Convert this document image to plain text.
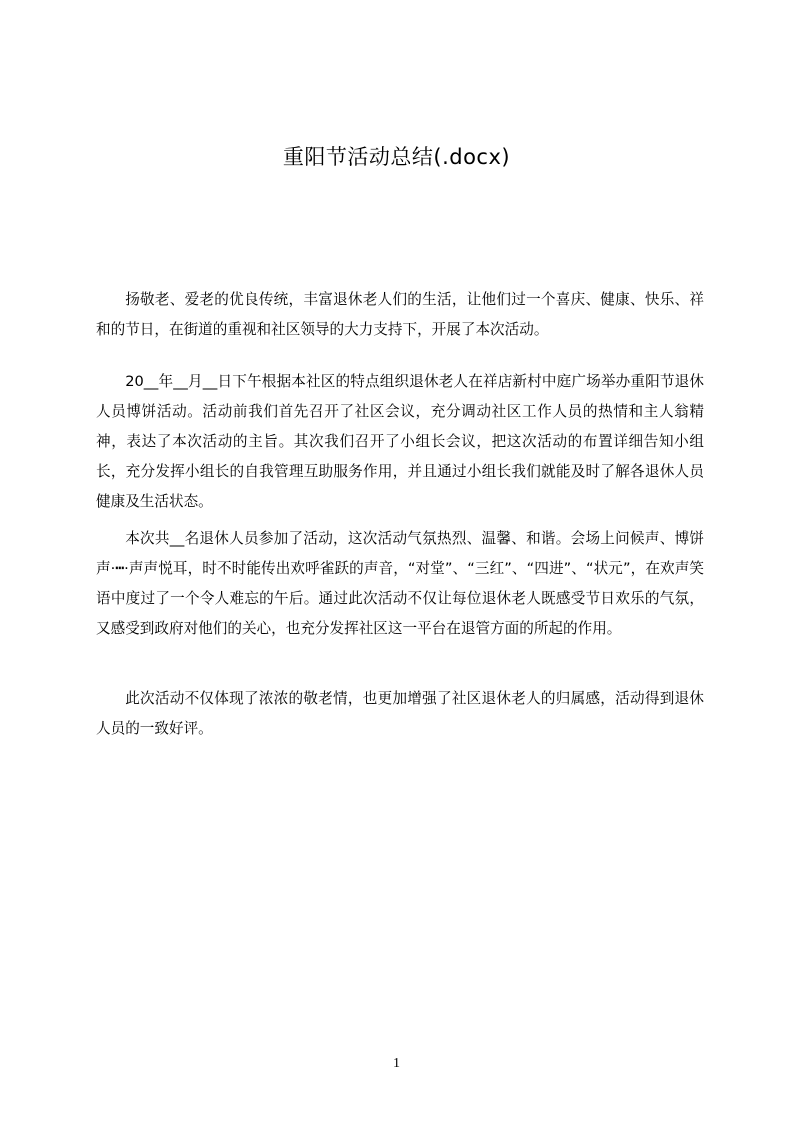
重阳节活动总结(.docx)

扬敬老、爱老的优良传统，丰富退休老人们的生活，让他们过一个喜庆、健康、快乐、祥和的节日，在街道的重视和社区领导的大力支持下，开展了本次活动。

20__年__月__日下午根据本社区的特点组织退休老人在祥店新村中庭广场举办重阳节退休人员博饼活动。活动前我们首先召开了社区会议，充分调动社区工作人员的热情和主人翁精神，表达了本次活动的主旨。其次我们召开了小组长会议，把这次活动的布置详细告知小组长，充分发挥小组长的自我管理互助服务作用，并且通过小组长我们就能及时了解各退休人员健康及生活状态。

本次共__名退休人员参加了活动，这次活动气氛热烈、温馨、和谐。会场上问候声、博饼声·┅·声声悦耳，时不时能传出欢呼雀跃的声音，“对堂”、“三红”、“四进”、“状元”，在欢声笑语中度过了一个令人难忘的午后。通过此次活动不仅让每位退休老人既感受节日欢乐的气氛，又感受到政府对他们的关心，也充分发挥社区这一平台在退管方面的所起的作用。

此次活动不仅体现了浓浓的敬老情，也更加增强了社区退休老人的归属感，活动得到退休人员的一致好评。

1
